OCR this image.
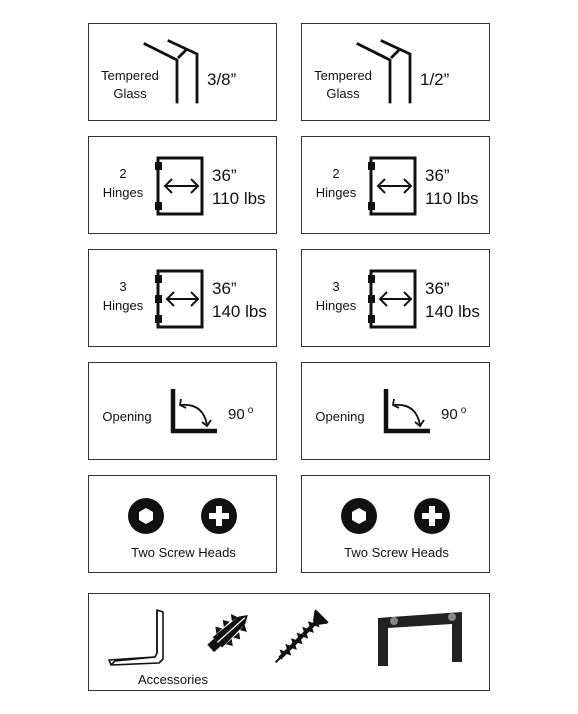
Tempered
Glass
3/8”	Tempered
Glass
1/2”
2
Hinges
36”
110 lbs
2
Hinges
36”
110 lbs
3
Hinges
36”
140 lbs
3
Hinges
36”
140 lbs
Opening	90 $^o$	Opening	90 $^o$
Two Screw Heads	Two Screw Heads
Accessories
